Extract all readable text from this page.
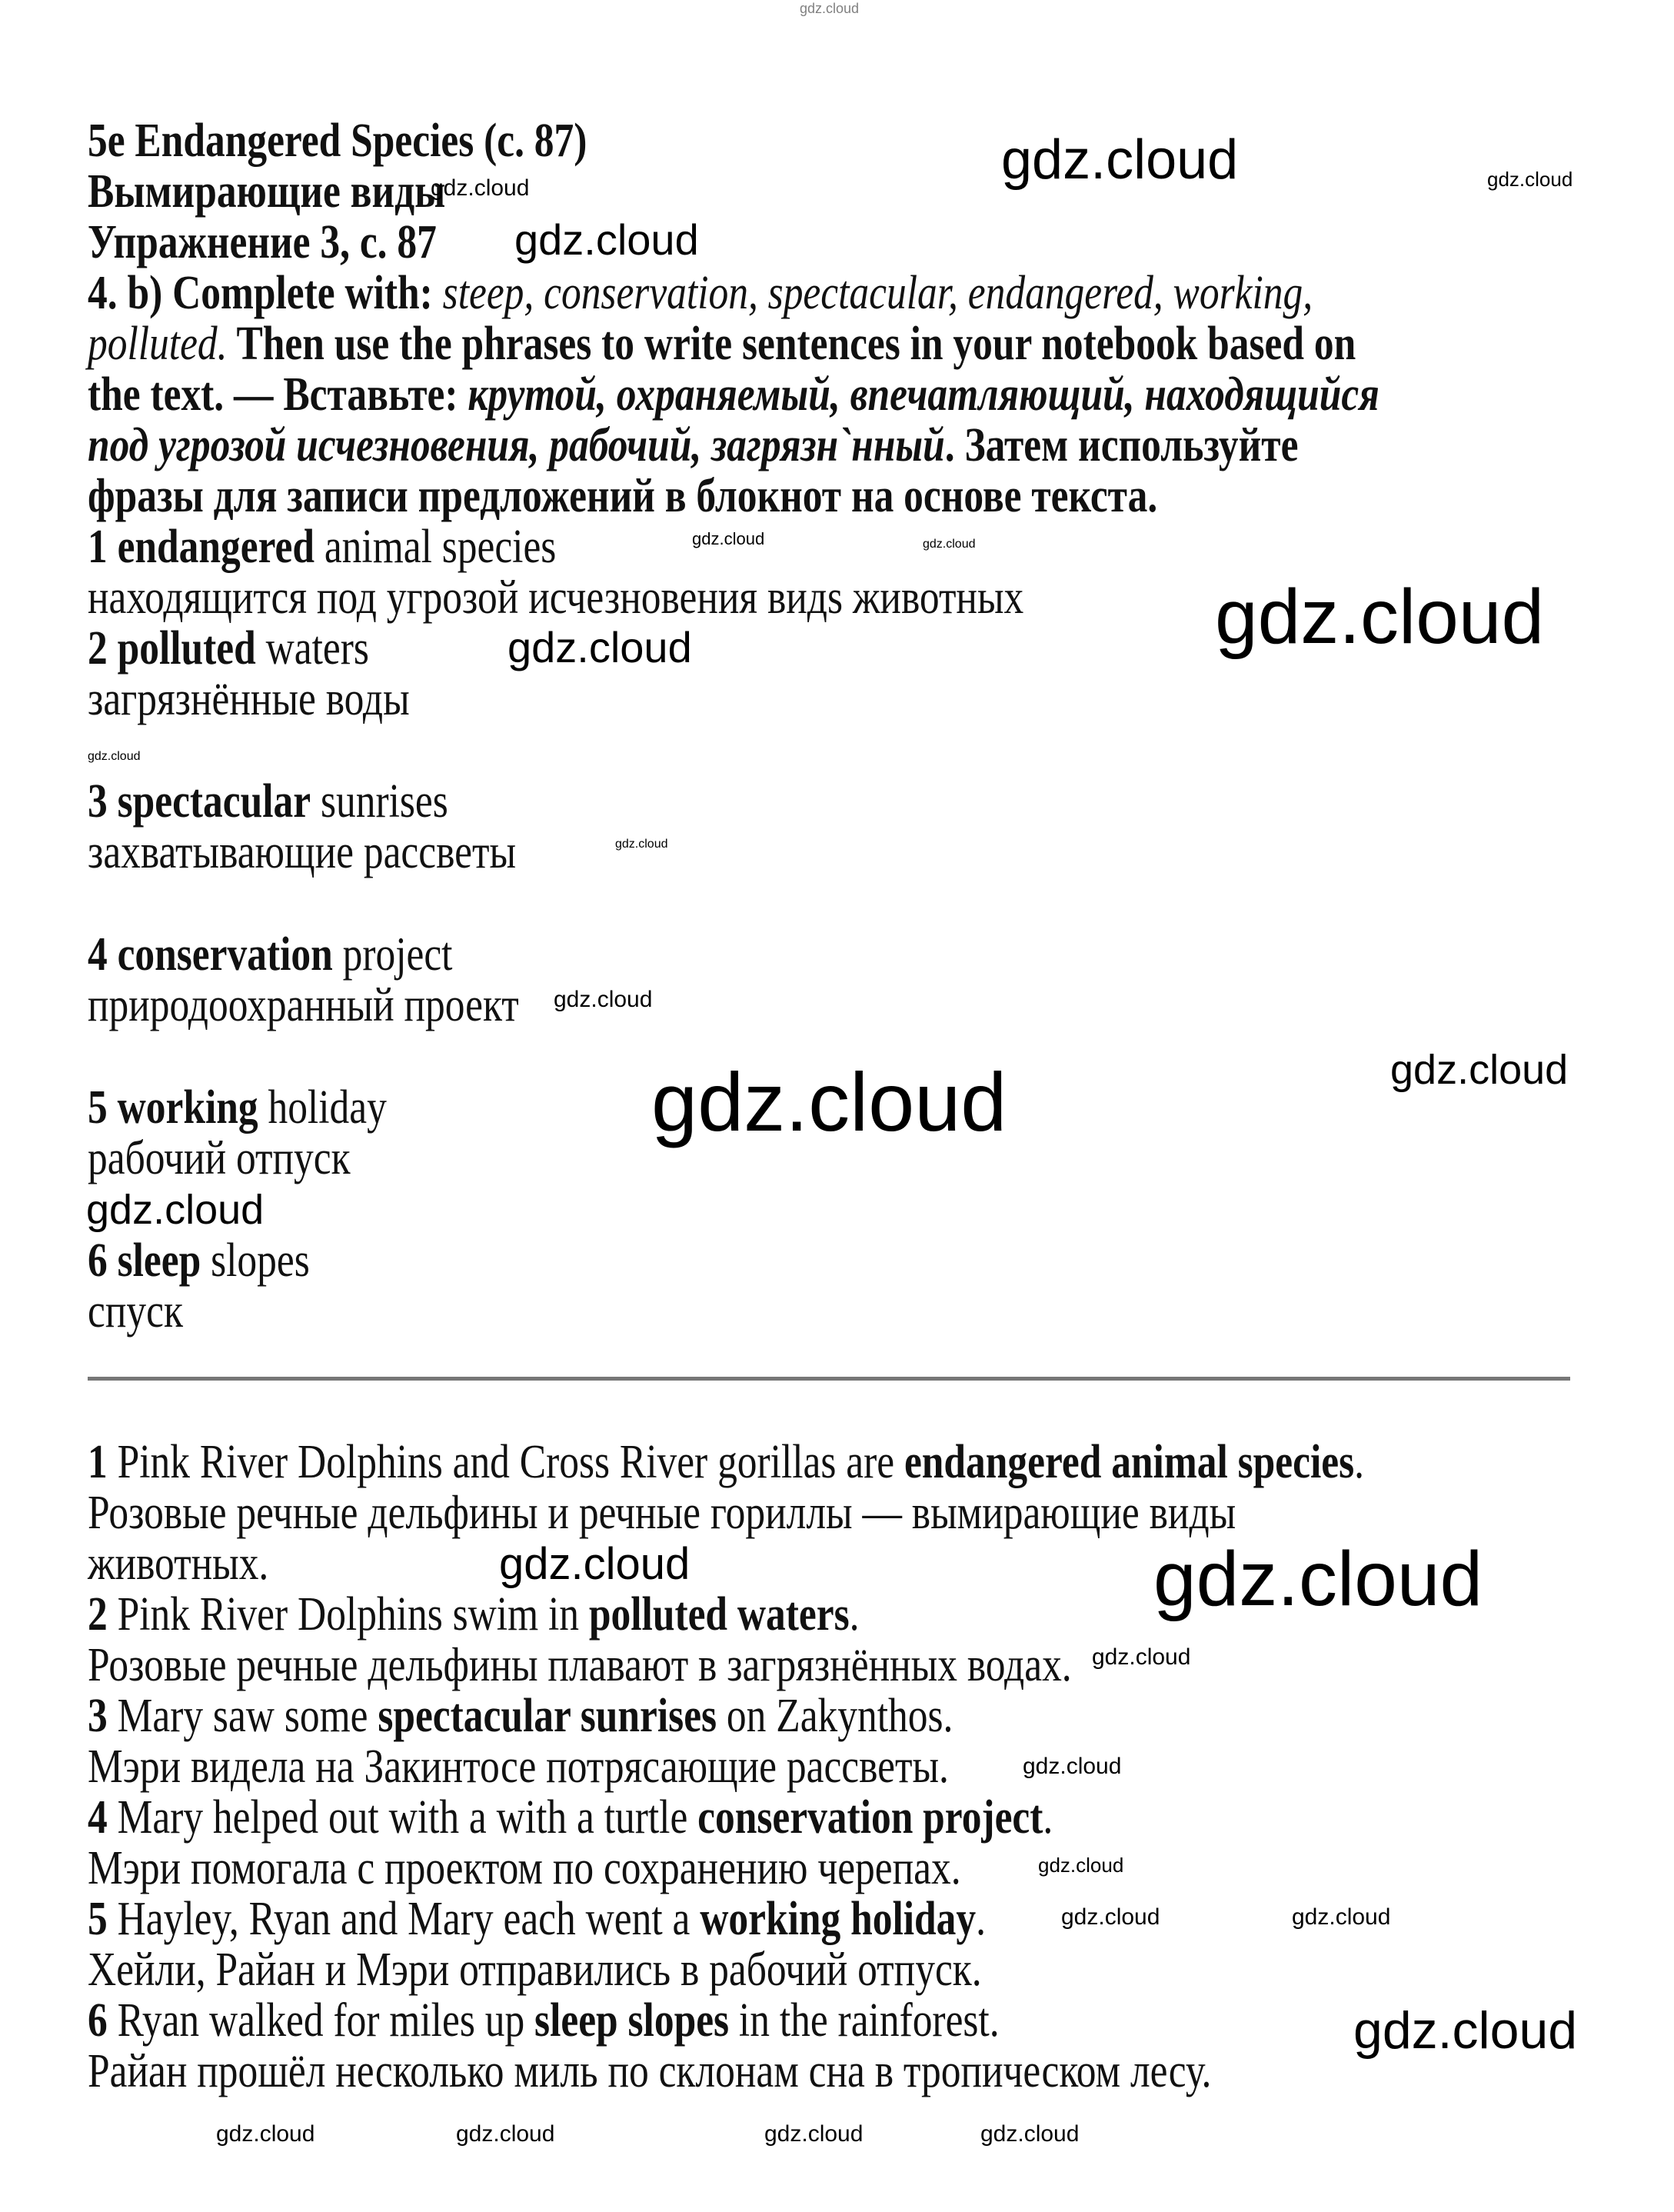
5e Endangered Species (с. 87)
Вымирающие виды
Упражнение 3, с. 87
4. b) Complete with: steep, conservation, spectacular, endangered, working,
polluted. Then use the phrases to write sentences in your notebook based on
the text. — Вставьте: крутой, охраняемый, впечатляющий, находящийся
под угрозой исчезновения, рабочий, загрязн`нный. Затем используйте
фразы для записи предложений в блокнот на основе текста.
1 endangered animal species
находящится под угрозой исчезновения видs животных
2 polluted waters
загрязнённые воды
3 spectacular sunrises
захватывающие рассветы
4 conservation project
природоохранный проект
5 working holiday
рабочий отпуск
6 sleep slopes
спуск
1 Pink River Dolphins and Cross River gorillas are endangered animal species.
Розовые речные дельфины и речные гориллы — вымирающие виды
животных.
2 Pink River Dolphins swim in polluted waters.
Розовые речные дельфины плавают в загрязнённых водах.
3 Mary saw some spectacular sunrises on Zakynthos.
Мэри видела на Закинтосе потрясающие рассветы.
4 Mary helped out with a with a turtle conservation project.
Мэри помогала с проектом по сохранению черепах.
5 Hayley, Ryan and Mary each went a working holiday.
Хейли, Райан и Мэри отправились в рабочий отпуск.
6 Ryan walked for miles up sleep slopes in the rainforest.
Райан прошёл несколько миль по склонам сна в тропическом лесу.
gdz.cloud
gdz.cloud	gdz.cloud	gdz.cloud
gdz.cloud
gdz.cloud	gdz.cloud
gdz.cloud
gdz.cloud
gdz.cloud
gdz.cloud
gdz.cloud
gdz.cloud
gdz.cloud
gdz.cloud
gdz.cloud
gdz.cloud	gdz.cloud
gdz.cloud
gdz.cloud
gdz.cloud	gdz.cloud
gdz.cloud
gdz.cloud	gdz.cloud	gdz.cloud	gdz.cloud
